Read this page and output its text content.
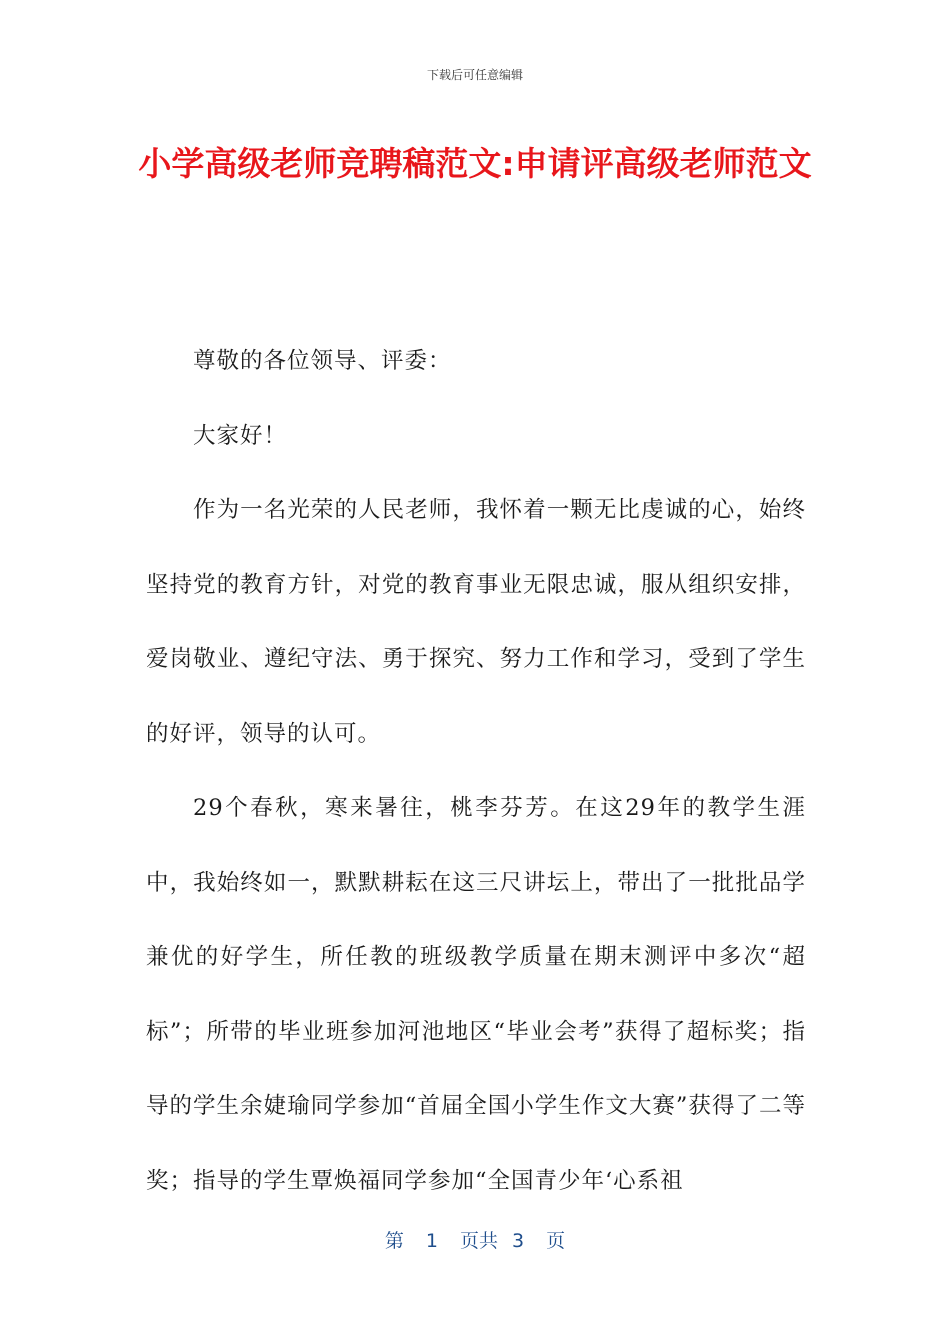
下载后可任意编辑
小学高级老师竞聘稿范文:申请评高级老师范文

尊敬的各位领导、评委：

大家好！

作为一名光荣的人民老师，我怀着一颗无比虔诚的心，始终坚持党的教育方针，对党的教育事业无限忠诚，服从组织安排，爱岗敬业、遵纪守法、勇于探究、努力工作和学习，受到了学生的好评，领导的认可。

29个春秋，寒来暑往，桃李芬芳。在这29年的教学生涯中，我始终如一，默默耕耘在这三尺讲坛上，带出了一批批品学兼优的好学生，所任教的班级教学质量在期末测评中多次“超标”；所带的毕业班参加河池地区“毕业会考”获得了超标奖；指导的学生余婕瑜同学参加“首届全国小学生作文大赛”获得了二等奖；指导的学生覃焕福同学参加“全国青少年‘心系祖

第 1 页共 3 页
